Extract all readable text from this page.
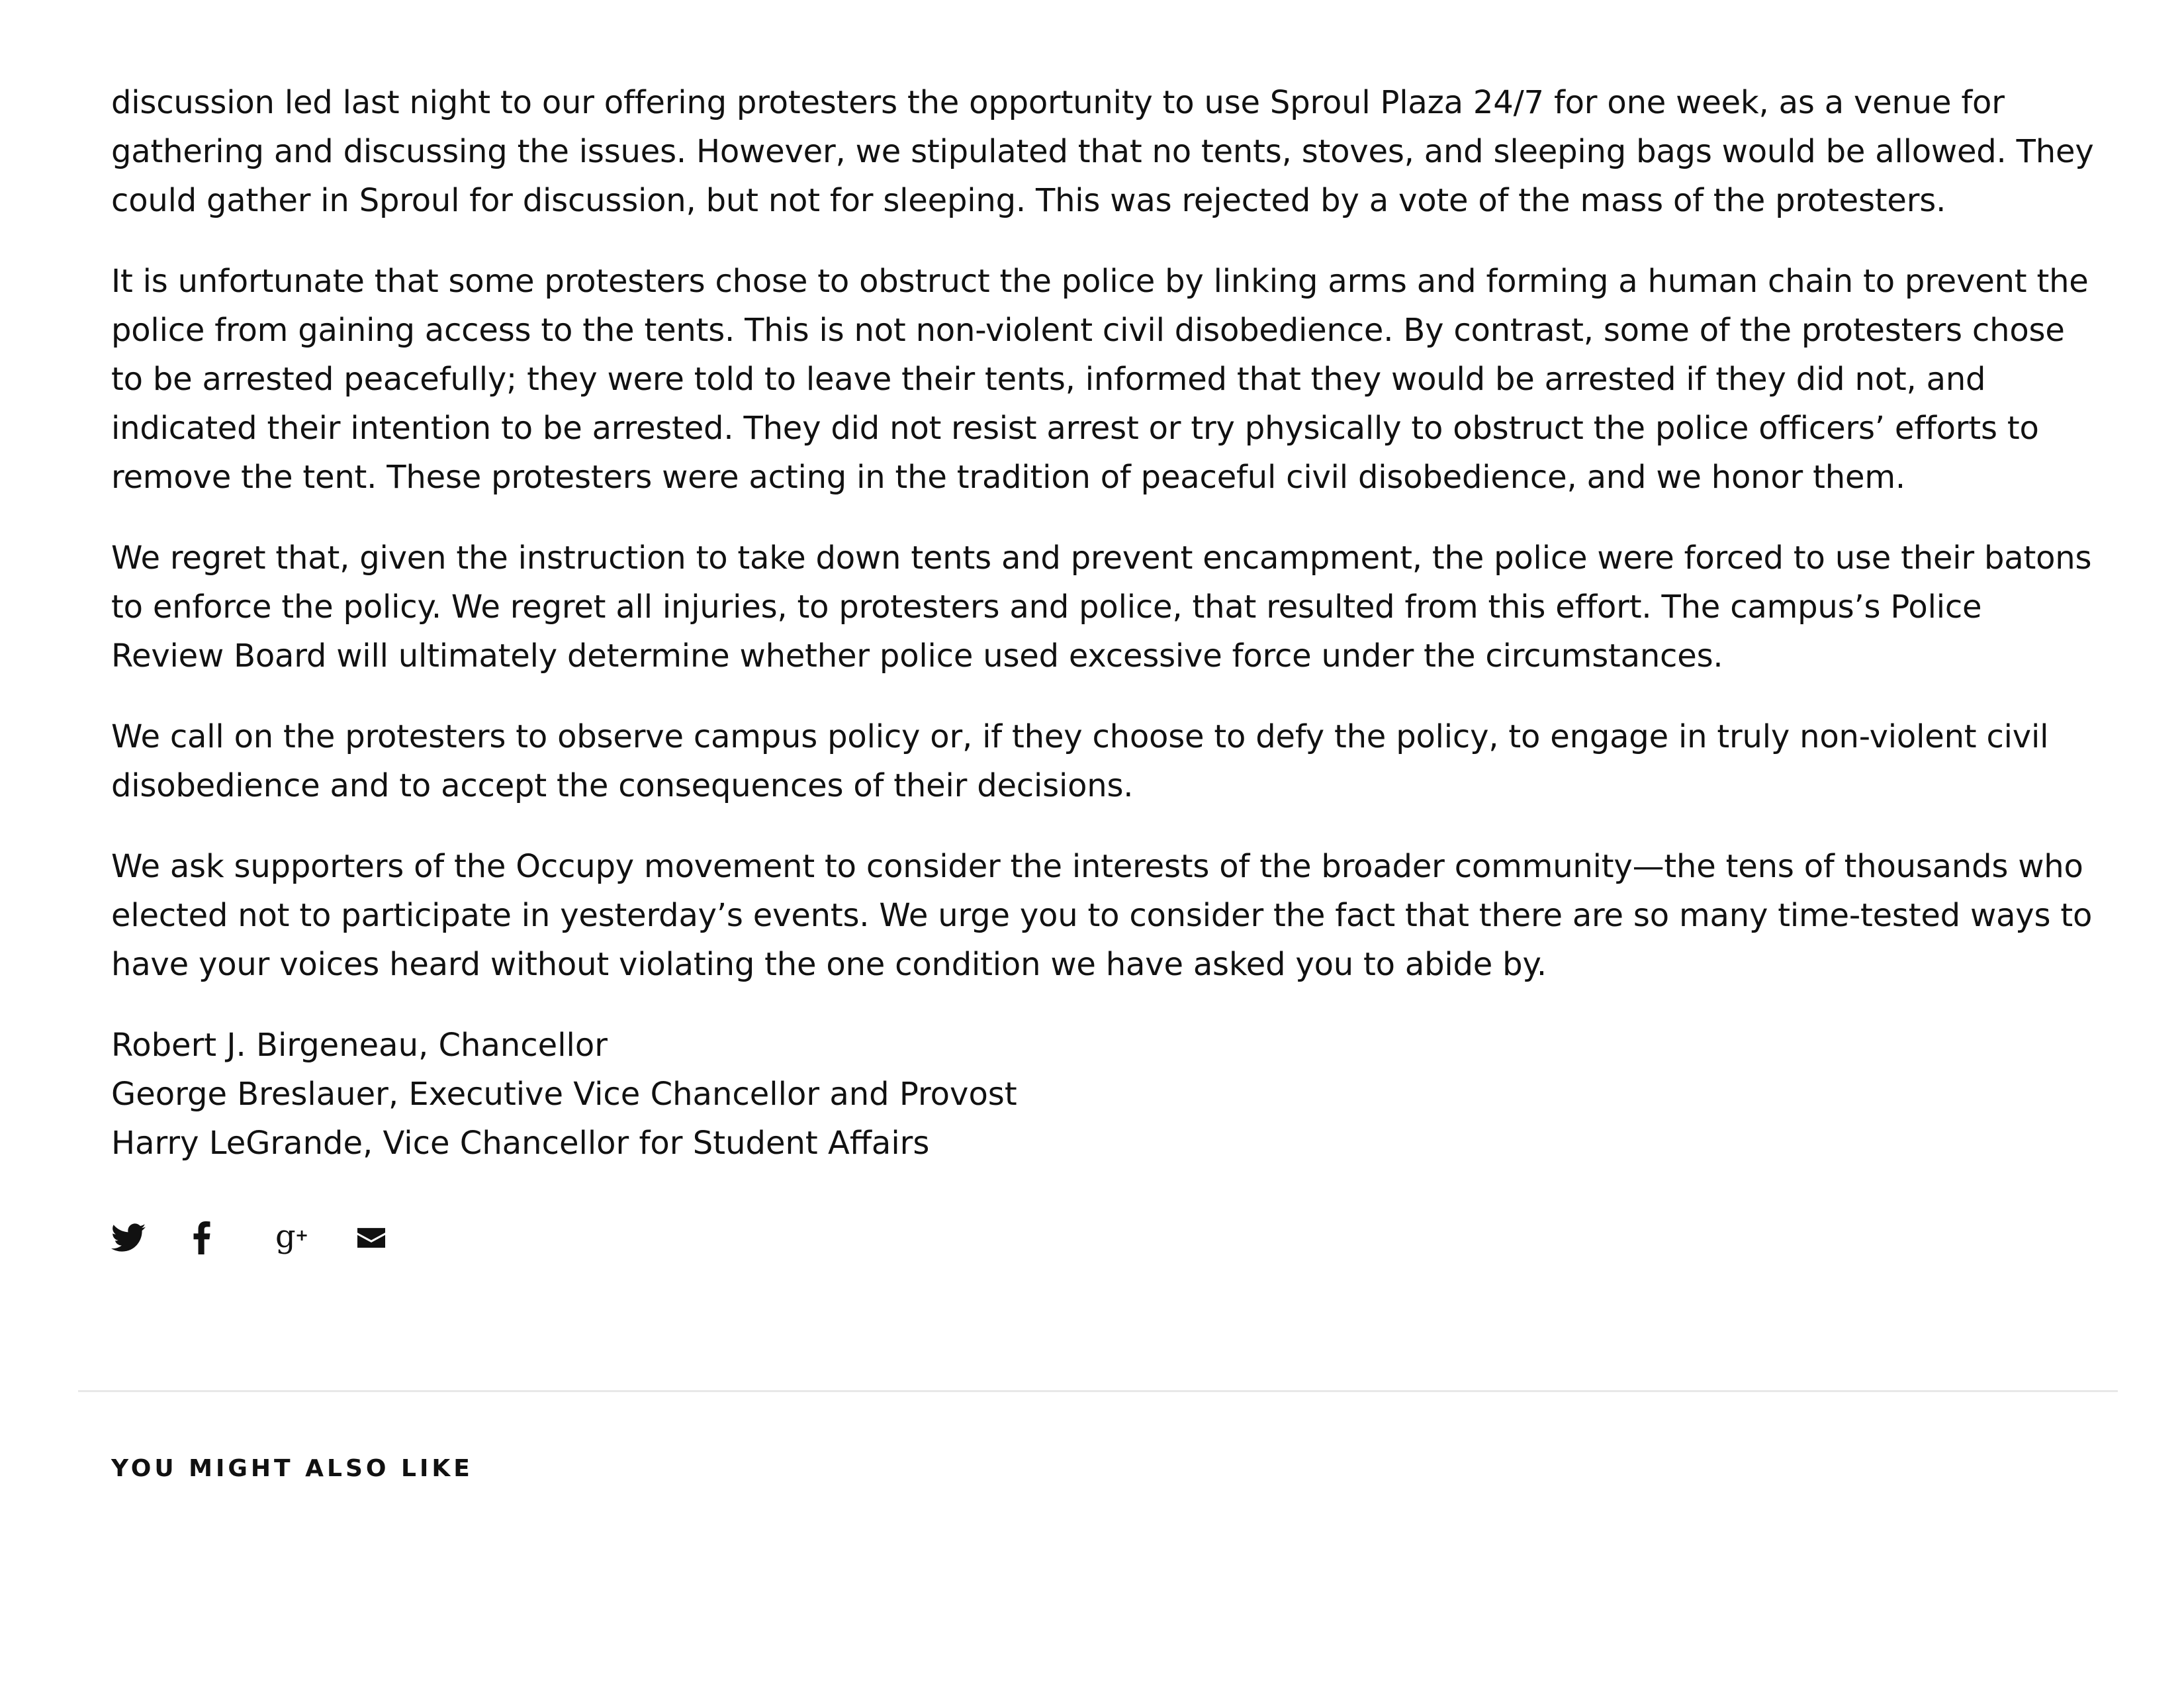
discussion led last night to our offering protesters the opportunity to use Sproul Plaza 24/7 for one week, as a venue for gathering and discussing the issues. However, we stipulated that no tents, stoves, and sleeping bags would be allowed. They could gather in Sproul for discussion, but not for sleeping. This was rejected by a vote of the mass of the protesters.

It is unfortunate that some protesters chose to obstruct the police by linking arms and forming a human chain to prevent the police from gaining access to the tents. This is not non-violent civil disobedience. By contrast, some of the protesters chose to be arrested peacefully; they were told to leave their tents, informed that they would be arrested if they did not, and indicated their intention to be arrested. They did not resist arrest or try physically to obstruct the police officers’ efforts to remove the tent. These protesters were acting in the tradition of peaceful civil disobedience, and we honor them.

We regret that, given the instruction to take down tents and prevent encampment, the police were forced to use their batons to enforce the policy. We regret all injuries, to protesters and police, that resulted from this effort. The campus’s Police Review Board will ultimately determine whether police used excessive force under the circumstances.

We call on the protesters to observe campus policy or, if they choose to defy the policy, to engage in truly non-violent civil disobedience and to accept the consequences of their decisions.

We ask supporters of the Occupy movement to consider the interests of the broader community—the tens of thousands who elected not to participate in yesterday’s events. We urge you to consider the fact that there are so many time-tested ways to have your voices heard without violating the one condition we have asked you to abide by.

Robert J. Birgeneau, Chancellor
George Breslauer, Executive Vice Chancellor and Provost
Harry LeGrande, Vice Chancellor for Student Affairs

g +
YOU MIGHT ALSO LIKE
